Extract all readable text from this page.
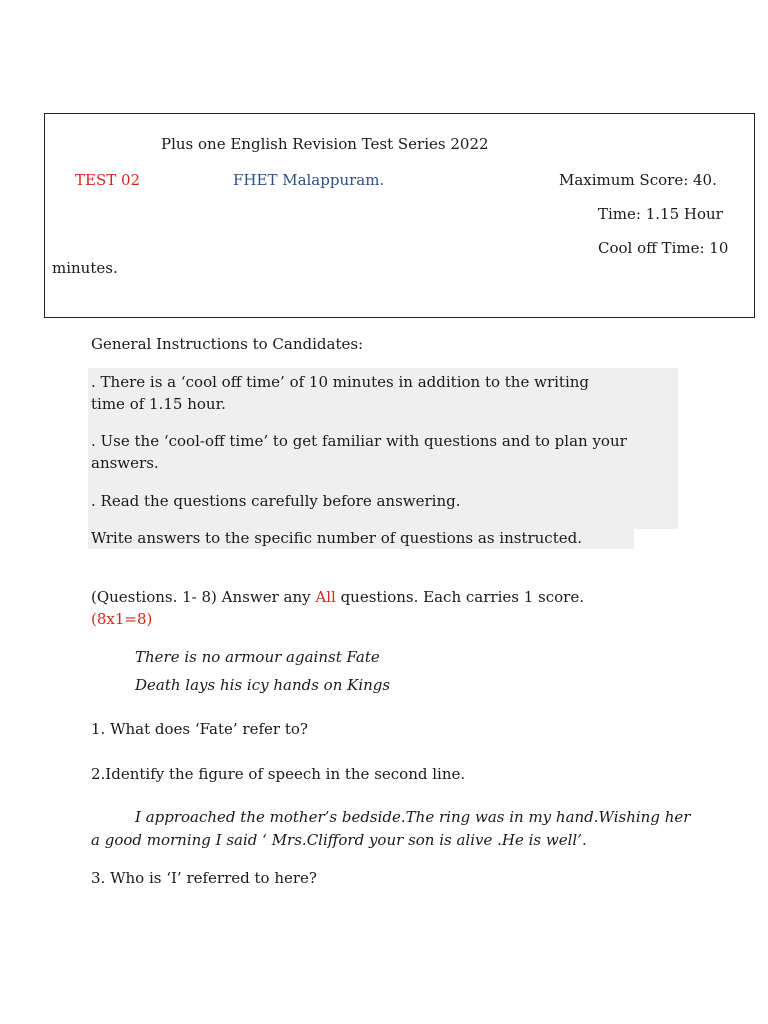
Plus one English Revision Test Series 2022
TEST 02	FHET Malappuram.	Maximum Score: 40.
Time: 1.15 Hour
Cool off Time: 10
minutes.
General Instructions to Candidates:
. There is a ‘cool off time’ of 10 minutes in addition to the writing
time of 1.15 hour.
. Use the ‘cool-off time’ to get familiar with questions and to plan your
answers.
. Read the questions carefully before answering.
Write answers to the specific number of questions as instructed.
(Questions. 1- 8) Answer any All questions. Each carries 1 score.
(8x1=8)
There is no armour against Fate
Death lays his icy hands on Kings
1. What does ‘Fate’ refer to?
2.Identify the figure of speech in the second line.
I approached the mother’s bedside.The ring was in my hand.Wishing her
a good morning I said ‘ Mrs.Clifford your son is alive .He is well’.
3. Who is ‘I’ referred to here?
